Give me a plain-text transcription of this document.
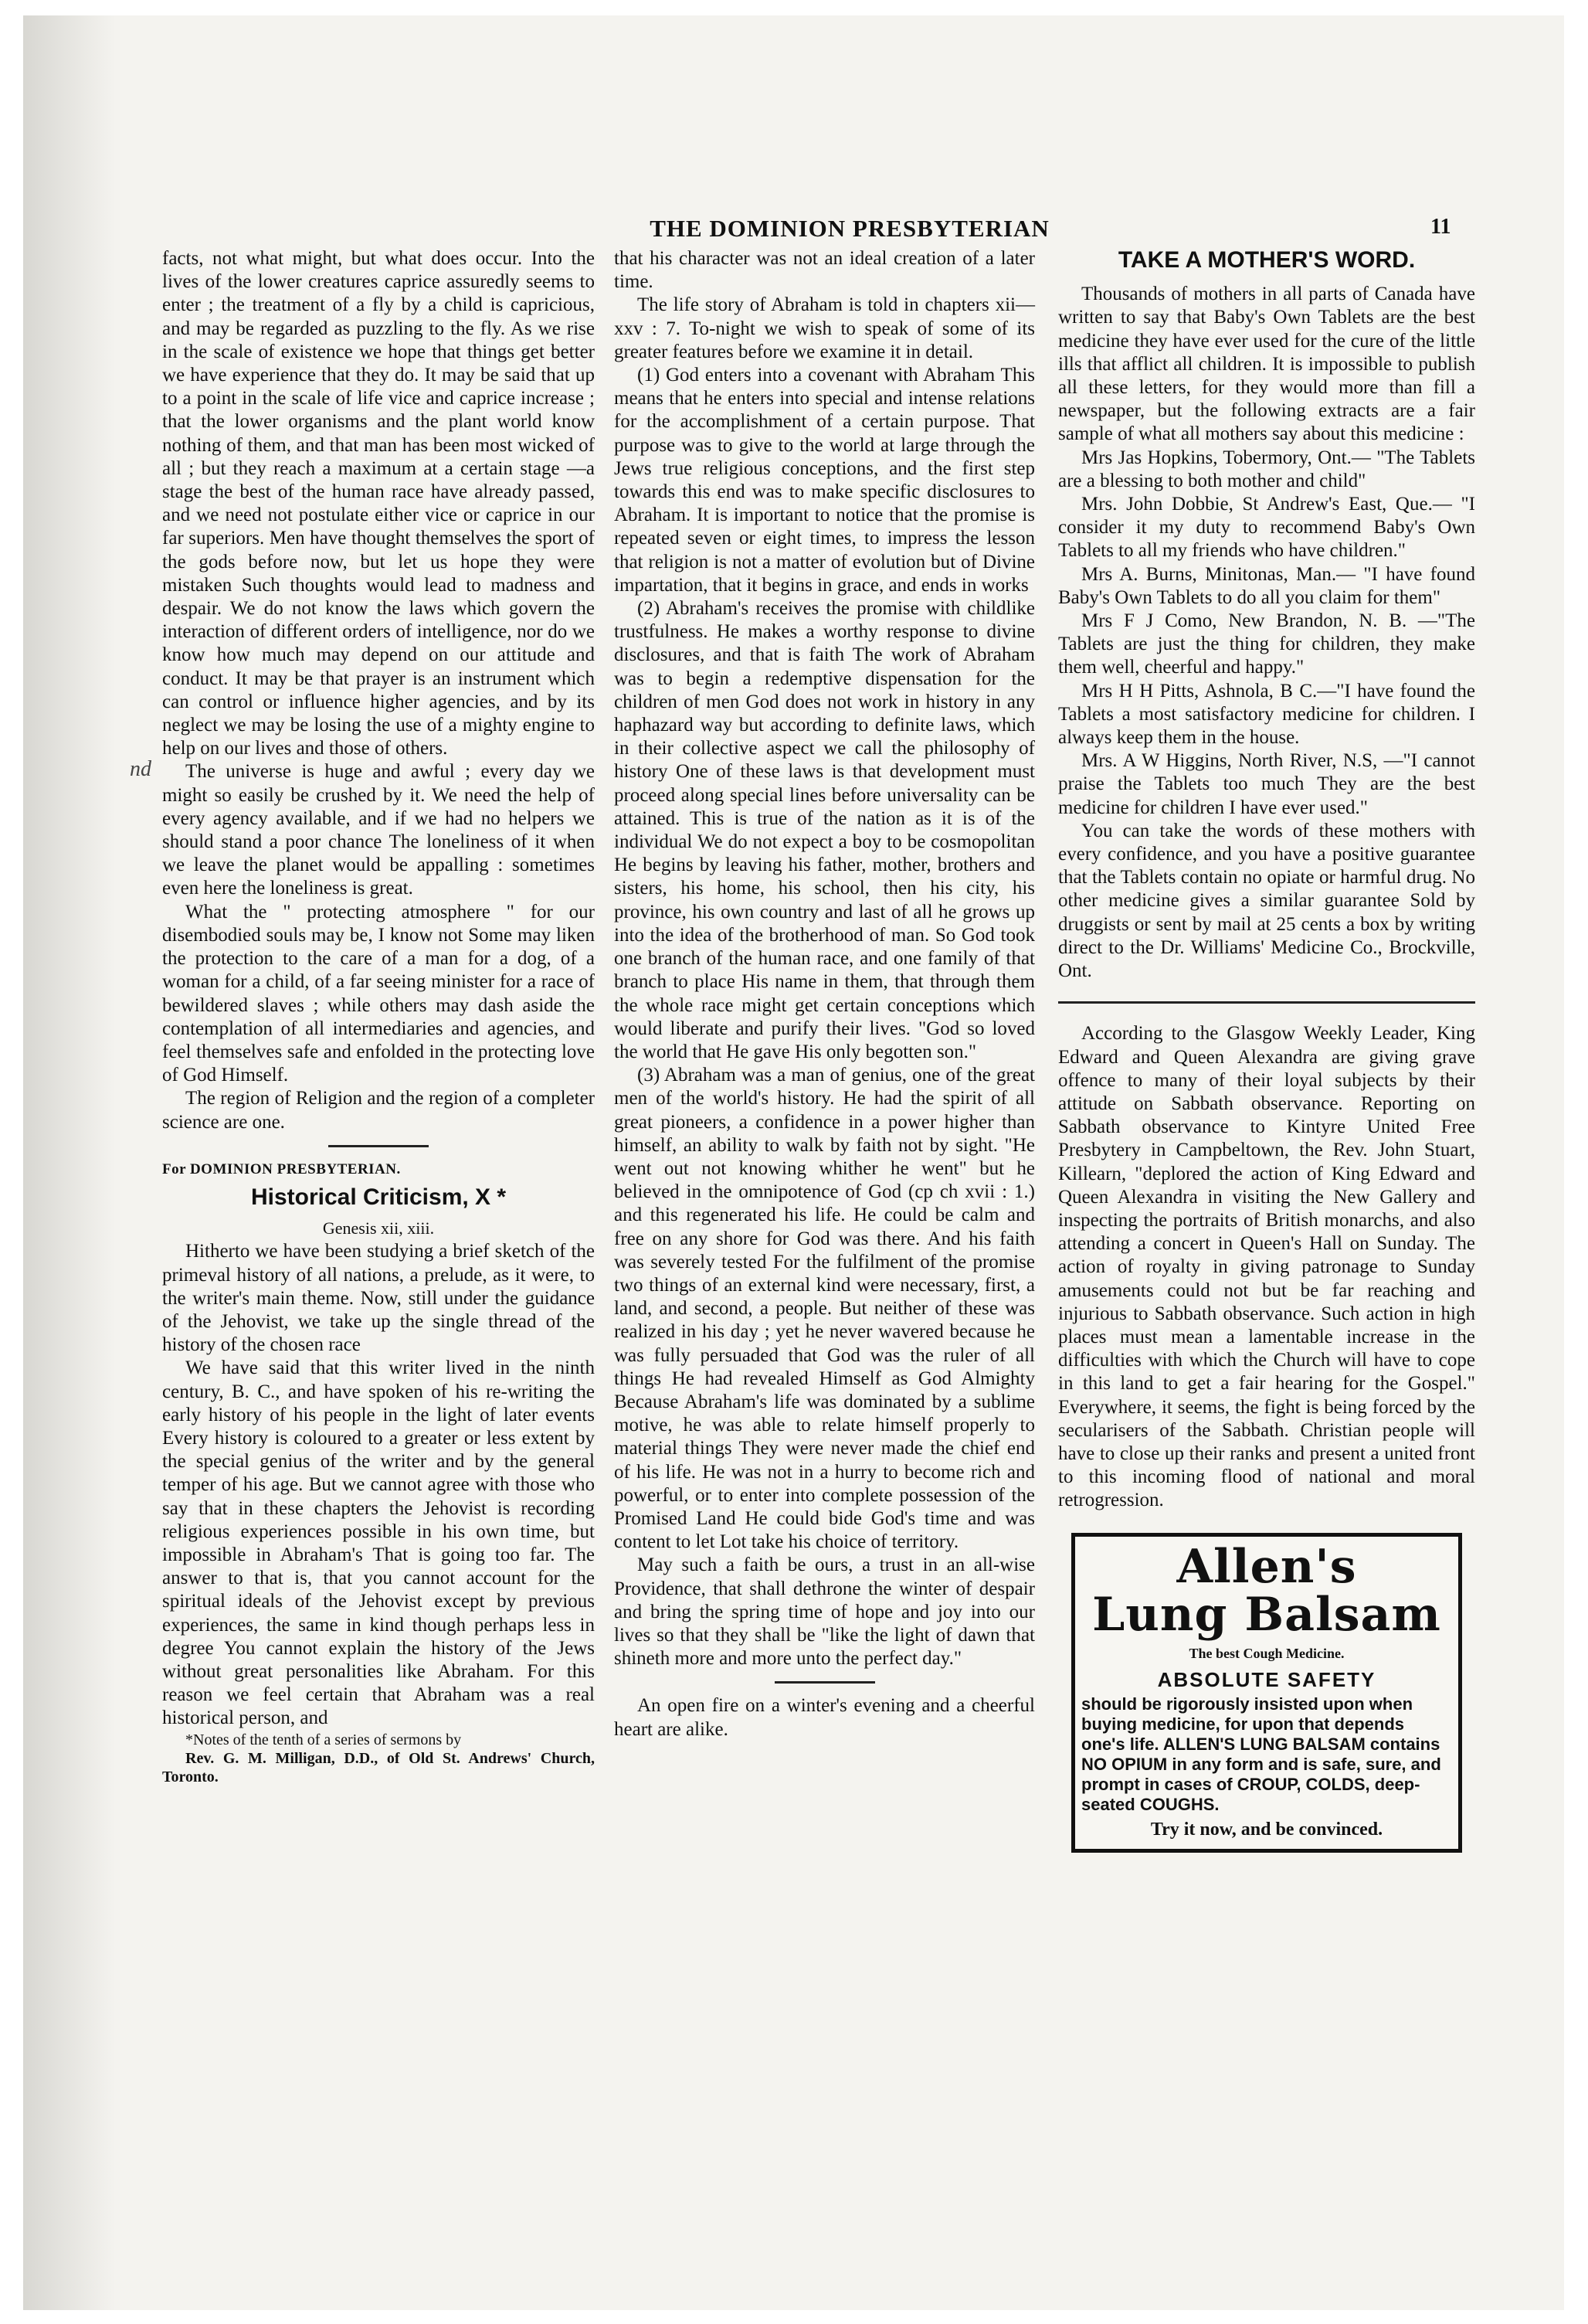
nd
THE DOMINION PRESBYTERIAN	11

facts, not what might, but what does occur. Into the lives of the lower creatures caprice assuredly seems to enter ; the treatment of a fly by a child is capricious, and may be regarded as puzzling to the fly. As we rise in the scale of existence we hope that things get better we have experience that they do. It may be said that up to a point in the scale of life vice and caprice increase ; that the lower organisms and the plant world know nothing of them, and that man has been most wicked of all ; but they reach a maximum at a certain stage —a stage the best of the human race have already passed, and we need not postulate either vice or caprice in our far superiors. Men have thought themselves the sport of the gods before now, but let us hope they were mistaken Such thoughts would lead to madness and despair. We do not know the laws which govern the interaction of different orders of intelligence, nor do we know how much may depend on our attitude and conduct. It may be that prayer is an instrument which can control or influence higher agencies, and by its neglect we may be losing the use of a mighty engine to help on our lives and those of others.

The universe is huge and awful ; every day we might so easily be crushed by it. We need the help of every agency available, and if we had no helpers we should stand a poor chance The loneliness of it when we leave the planet would be appalling : sometimes even here the loneliness is great.

What the " protecting atmosphere " for our disembodied souls may be, I know not Some may liken the protection to the care of a man for a dog, of a woman for a child, of a far seeing minister for a race of bewildered slaves ; while others may dash aside the contemplation of all intermediaries and agencies, and feel themselves safe and enfolded in the protecting love of God Himself.

The region of Religion and the region of a completer science are one.

For DOMINION PRESBYTERIAN.

Historical Criticism, X *

Genesis xii, xiii.

Hitherto we have been studying a brief sketch of the primeval history of all nations, a prelude, as it were, to the writer's main theme. Now, still under the guidance of the Jehovist, we take up the single thread of the history of the chosen race

We have said that this writer lived in the ninth century, B. C., and have spoken of his re-writing the early history of his people in the light of later events Every history is coloured to a greater or less extent by the special genius of the writer and by the general temper of his age. But we cannot agree with those who say that in these chapters the Jehovist is recording religious experiences possible in his own time, but impossible in Abraham's That is going too far. The answer to that is, that you cannot account for the spiritual ideals of the Jehovist except by previous experiences, the same in kind though perhaps less in degree You cannot explain the history of the Jews without great personalities like Abraham. For this reason we feel certain that Abraham was a real historical person, and

*Notes of the tenth of a series of sermons by

Rev. G. M. Milligan, D.D., of Old St. Andrews' Church, Toronto.

that his character was not an ideal creation of a later time.

The life story of Abraham is told in chapters xii—xxv : 7. To-night we wish to speak of some of its greater features before we examine it in detail.

(1) God enters into a covenant with Abraham This means that he enters into special and intense relations for the accomplishment of a certain purpose. That purpose was to give to the world at large through the Jews true religious conceptions, and the first step towards this end was to make specific disclosures to Abraham. It is important to notice that the promise is repeated seven or eight times, to impress the lesson that religion is not a matter of evolution but of Divine impartation, that it begins in grace, and ends in works

(2) Abraham's receives the promise with childlike trustfulness. He makes a worthy response to divine disclosures, and that is faith The work of Abraham was to begin a redemptive dispensation for the children of men God does not work in history in any haphazard way but according to definite laws, which in their collective aspect we call the philosophy of history One of these laws is that development must proceed along special lines before universality can be attained. This is true of the nation as it is of the individual We do not expect a boy to be cosmopolitan He begins by leaving his father, mother, brothers and sisters, his home, his school, then his city, his province, his own country and last of all he grows up into the idea of the brotherhood of man. So God took one branch of the human race, and one family of that branch to place His name in them, that through them the whole race might get certain conceptions which would liberate and purify their lives. "God so loved the world that He gave His only begotten son."

(3) Abraham was a man of genius, one of the great men of the world's history. He had the spirit of all great pioneers, a confidence in a power higher than himself, an ability to walk by faith not by sight. "He went out not knowing whither he went" but he believed in the omnipotence of God (cp ch xvii : 1.) and this regenerated his life. He could be calm and free on any shore for God was there. And his faith was severely tested For the fulfilment of the promise two things of an external kind were necessary, first, a land, and second, a people. But neither of these was realized in his day ; yet he never wavered because he was fully persuaded that God was the ruler of all things He had revealed Himself as God Almighty Because Abraham's life was dominated by a sublime motive, he was able to relate himself properly to material things They were never made the chief end of his life. He was not in a hurry to become rich and powerful, or to enter into complete possession of the Promised Land He could bide God's time and was content to let Lot take his choice of territory.

May such a faith be ours, a trust in an all-wise Providence, that shall dethrone the winter of despair and bring the spring time of hope and joy into our lives so that they shall be "like the light of dawn that shineth more and more unto the perfect day."

An open fire on a winter's evening and a cheerful heart are alike.

TAKE A MOTHER'S WORD.

Thousands of mothers in all parts of Canada have written to say that Baby's Own Tablets are the best medicine they have ever used for the cure of the little ills that afflict all children. It is impossible to publish all these letters, for they would more than fill a newspaper, but the following extracts are a fair sample of what all mothers say about this medicine :

Mrs Jas Hopkins, Tobermory, Ont.— "The Tablets are a blessing to both mother and child"

Mrs. John Dobbie, St Andrew's East, Que.— "I consider it my duty to recommend Baby's Own Tablets to all my friends who have children."

Mrs A. Burns, Minitonas, Man.— "I have found Baby's Own Tablets to do all you claim for them"

Mrs F J Como, New Brandon, N. B. —"The Tablets are just the thing for children, they make them well, cheerful and happy."

Mrs H H Pitts, Ashnola, B C.—"I have found the Tablets a most satisfactory medicine for children. I always keep them in the house.

Mrs. A W Higgins, North River, N.S, —"I cannot praise the Tablets too much They are the best medicine for children I have ever used."

You can take the words of these mothers with every confidence, and you have a positive guarantee that the Tablets contain no opiate or harmful drug. No other medicine gives a similar guarantee Sold by druggists or sent by mail at 25 cents a box by writing direct to the Dr. Williams' Medicine Co., Brockville, Ont.

According to the Glasgow Weekly Leader, King Edward and Queen Alexandra are giving grave offence to many of their loyal subjects by their attitude on Sabbath observance. Reporting on Sabbath observance to Kintyre United Free Presbytery in Campbeltown, the Rev. John Stuart, Killearn, "deplored the action of King Edward and Queen Alexandra in visiting the New Gallery and inspecting the portraits of British monarchs, and also attending a concert in Queen's Hall on Sunday. The action of royalty in giving patronage to Sunday amusements could not but be far reaching and injurious to Sabbath observance. Such action in high places must mean a lamentable increase in the difficulties with which the Church will have to cope in this land to get a fair hearing for the Gospel." Everywhere, it seems, the fight is being forced by the secularisers of the Sabbath. Christian people will have to close up their ranks and present a united front to this incoming flood of national and moral retrogression.

Allen's
Lung Balsam
The best Cough Medicine.
ABSOLUTE SAFETY
should be rigorously insisted upon when buying medicine, for upon that depends one's life. ALLEN'S LUNG BALSAM contains NO OPIUM in any form and is safe, sure, and prompt in cases of CROUP, COLDS, deep-seated COUGHS.
Try it now, and be convinced.
